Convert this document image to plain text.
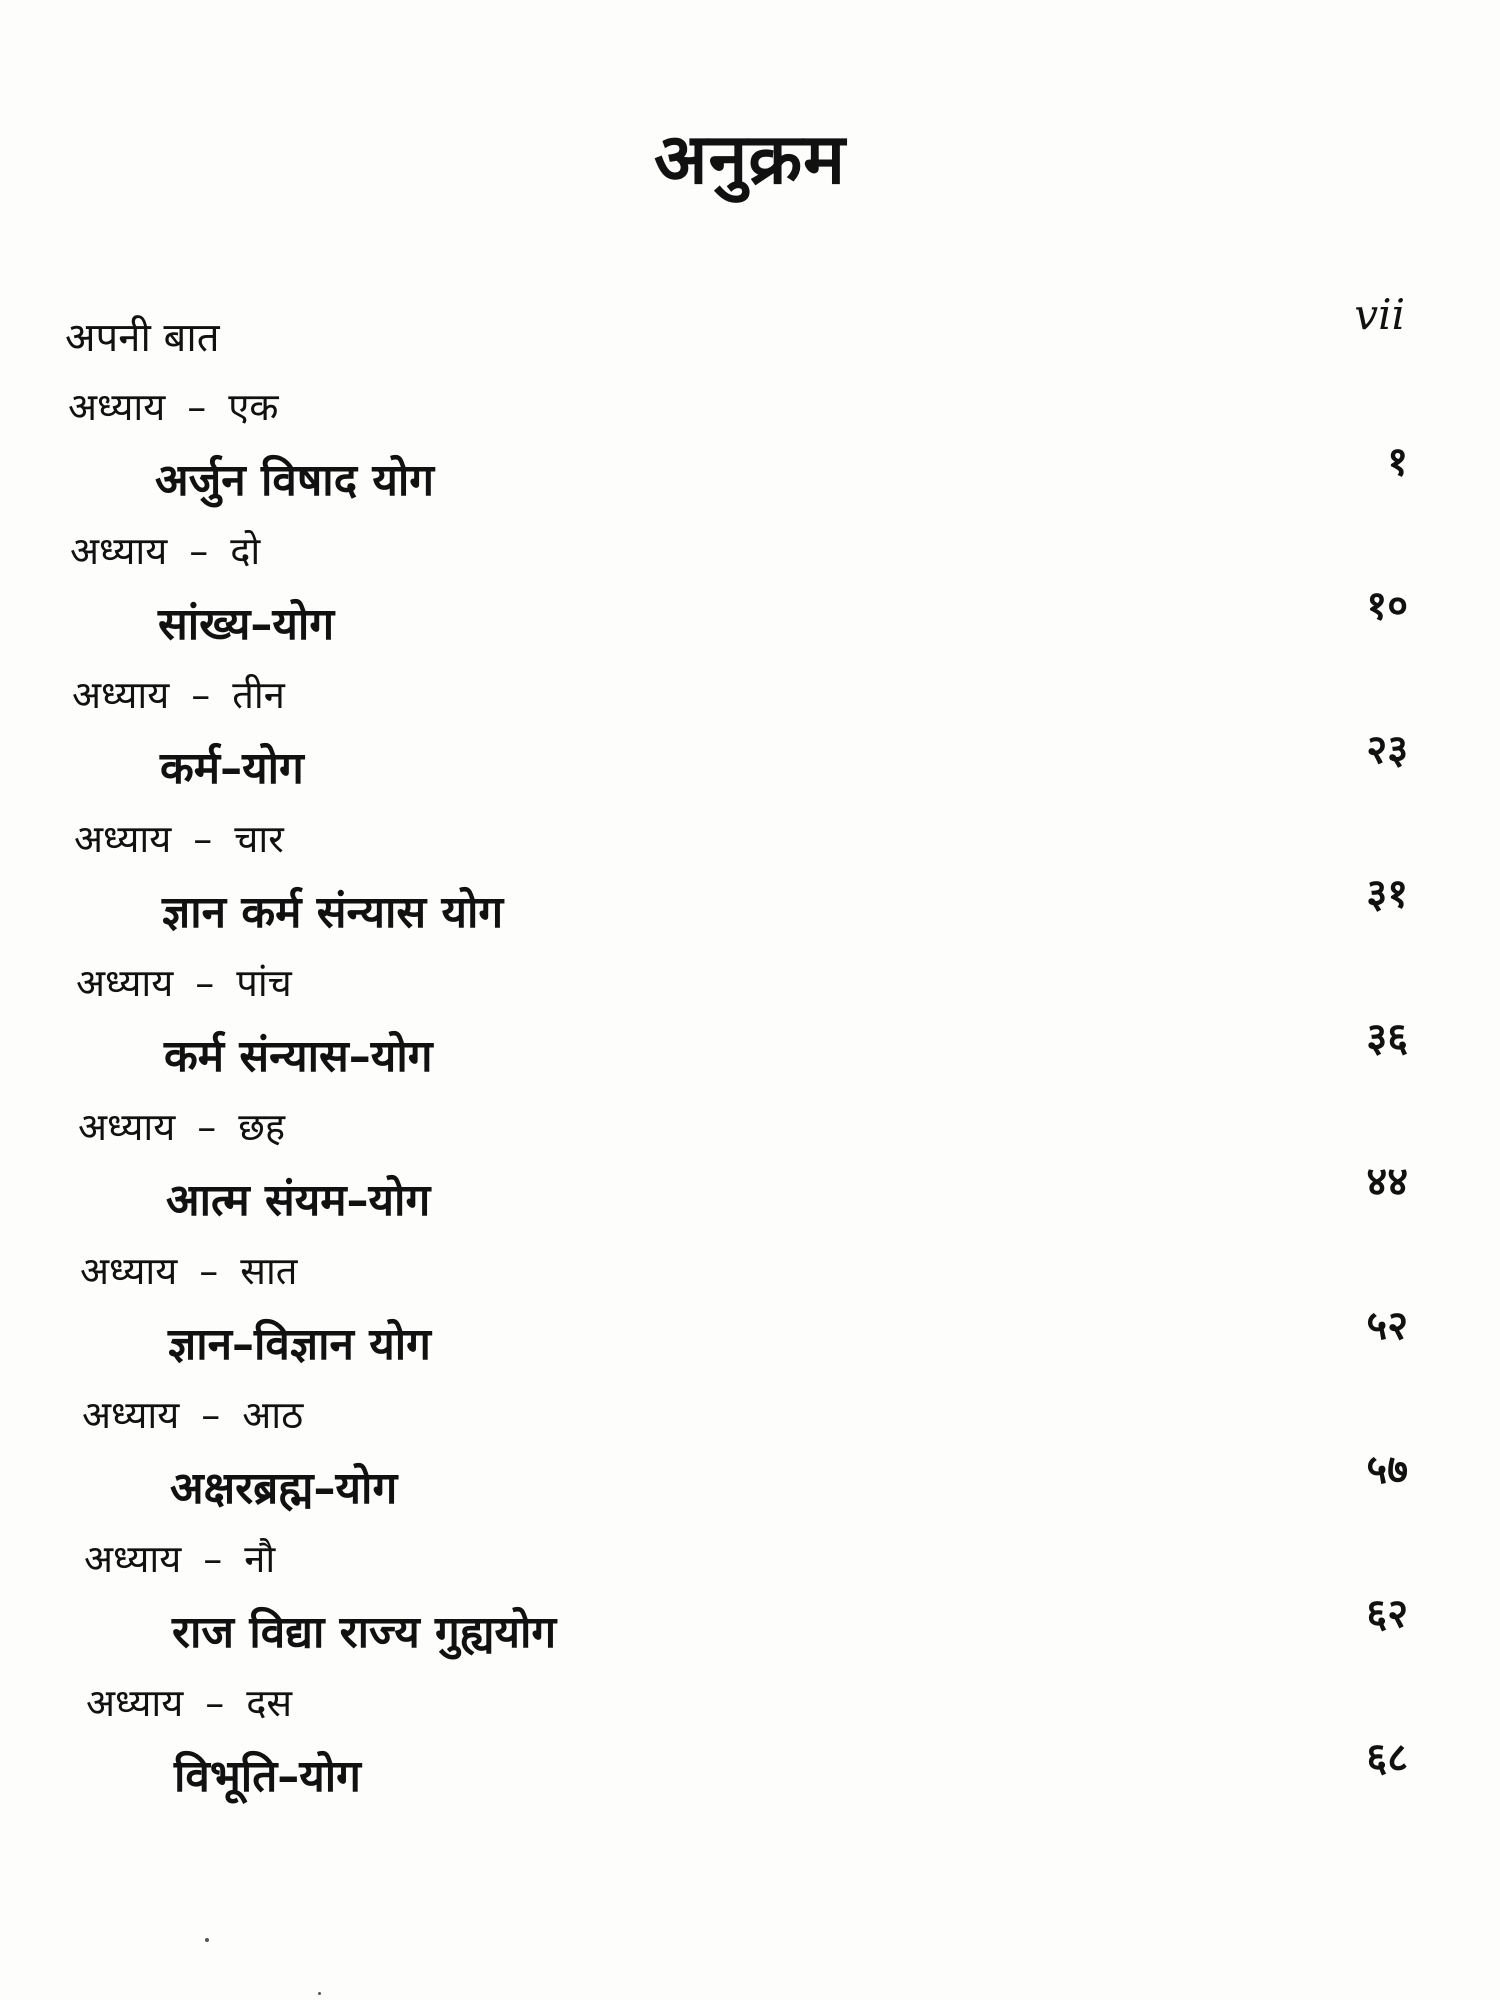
अनुक्रम
अपनी बात	vii
अध्याय – एक
अर्जुन विषाद योग	१
अध्याय – दो
सांख्य–योग	१०
अध्याय – तीन
कर्म–योग	२३
अध्याय – चार
ज्ञान कर्म संन्यास योग	३१
अध्याय – पांच
कर्म संन्यास–योग	३६
अध्याय – छह
आत्म संयम–योग	४४
अध्याय – सात
ज्ञान–विज्ञान योग	५२
अध्याय – आठ
अक्षरब्रह्म–योग	५७
अध्याय – नौ
राज विद्या राज्य गुह्ययोग	६२
अध्याय – दस
विभूति–योग	६८
